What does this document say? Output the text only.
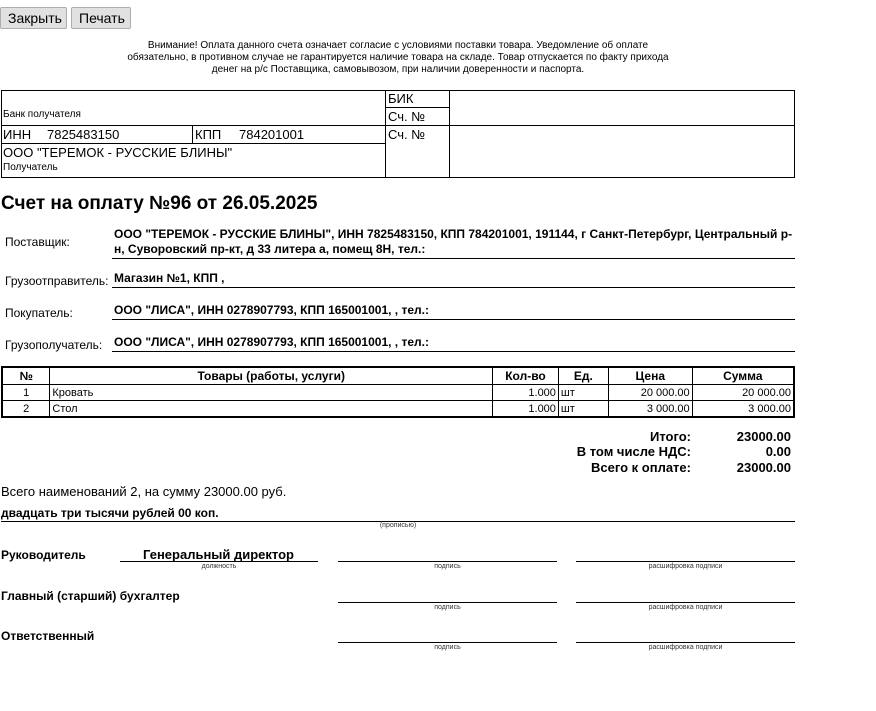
Закрыть	Печать
Внимание! Оплата данного счета означает согласие с условиями поставки товара. Уведомление об оплате обязательно, в противном случае не гарантируется наличие товара на складе. Товар отпускается по факту прихода денег на р/с Поставщика, самовывозом, при наличии доверенности и паспорта.
Банк получателя
БИК
Сч. №
ИНН 7825483150	КПП 784201001	Сч. №
ООО "ТЕРЕМОК - РУССКИЕ БЛИНЫ"
Получатель
Счет на оплату №96 от 26.05.2025
Поставщик:
ООО "ТЕРЕМОК - РУССКИЕ БЛИНЫ", ИНН 7825483150, КПП 784201001, 191144, г Санкт-Петербург, Центральный р-н, Суворовский пр-кт, д 33 литера а, помещ 8Н, тел.:
Грузоотправитель: Магазин №1, КПП ,
Покупатель:	ООО "ЛИСА", ИНН 0278907793, КПП 165001001, , тел.:
Грузополучатель: ООО "ЛИСА", ИНН 0278907793, КПП 165001001, , тел.:
№	Товары (работы, услуги)	Кол-во	Ед.	Цена	Сумма
1	Кровать	1.000	шт	20 000.00	20 000.00
2	Стол	1.000	шт	3 000.00	3 000.00
Итого:	23000.00
В том числе НДС:	0.00
Всего к оплате:	23000.00
Всего наименований 2, на сумму 23000.00 руб.
двадцать три тысячи рублей 00 коп.
(прописью)
Руководитель	Генеральный директор
должность	подпись	расшифровка подписи
Главный (старший) бухгалтер
подпись	расшифровка подписи
Ответственный
подпись	расшифровка подписи
